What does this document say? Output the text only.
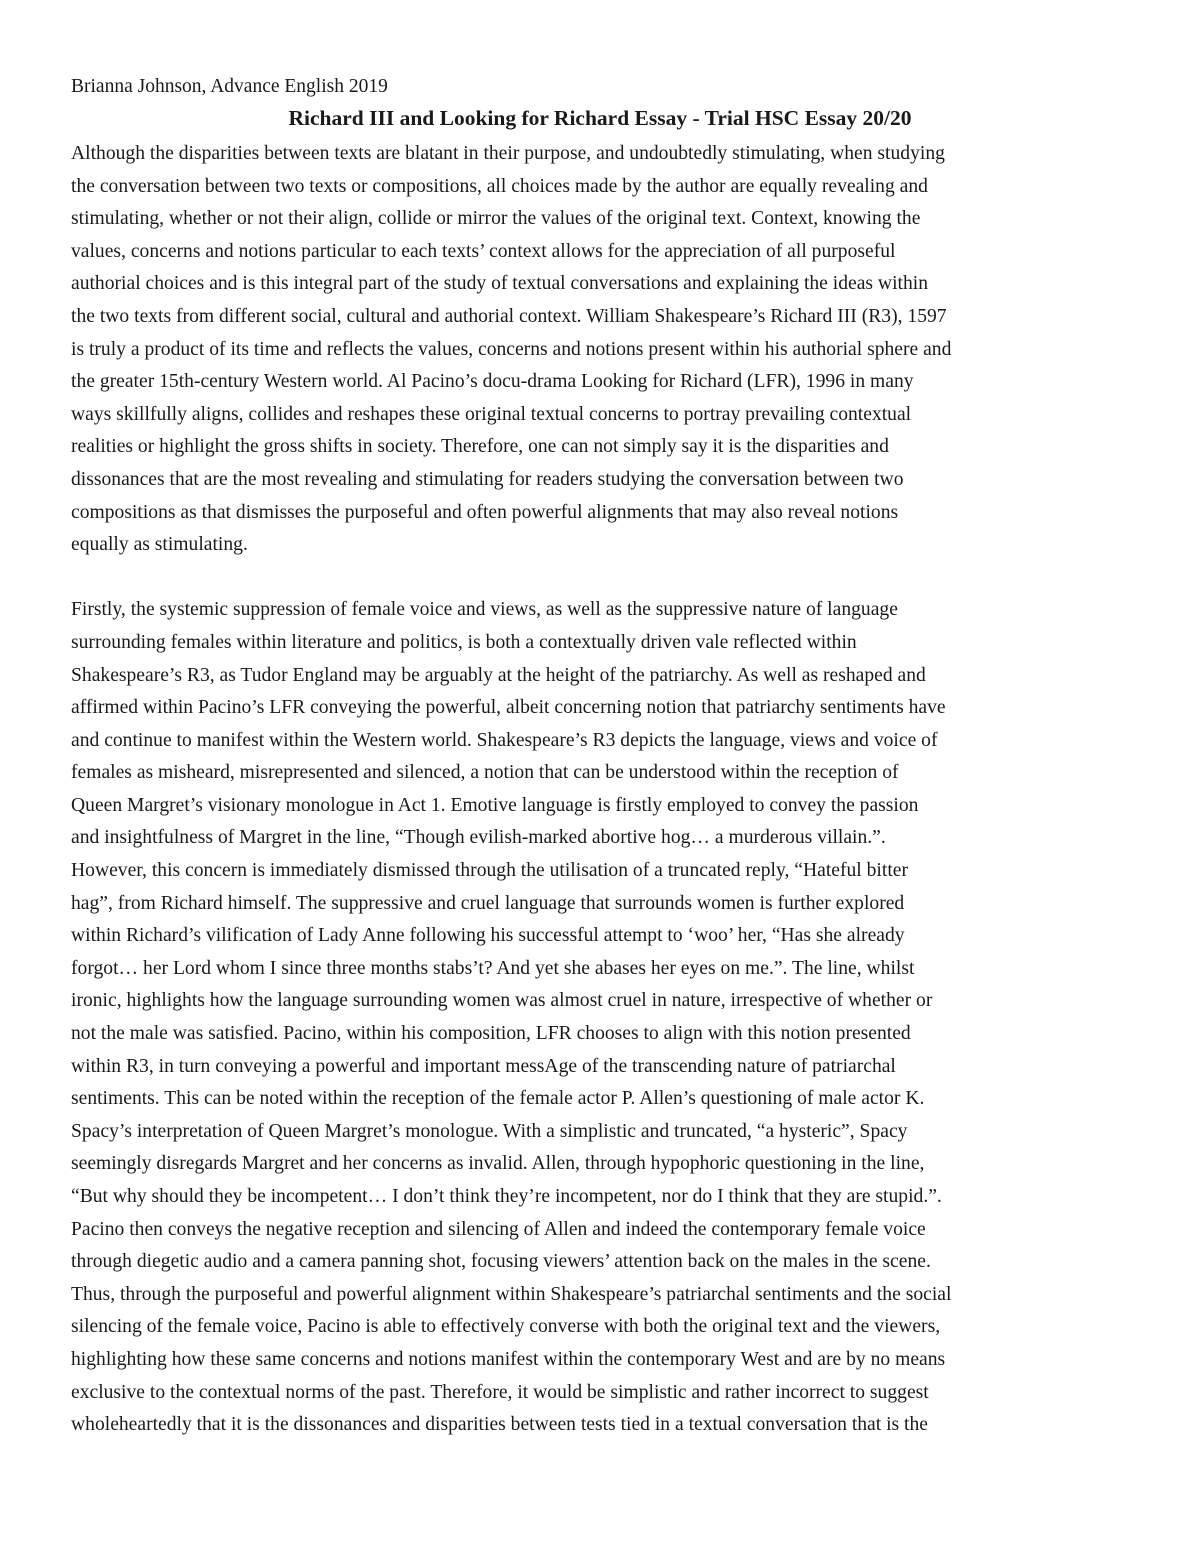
Brianna Johnson, Advance English 2019

Richard III and Looking for Richard Essay - Trial HSC Essay 20/20
Although the disparities between texts are blatant in their purpose, and undoubtedly stimulating, when studying
the conversation between two texts or compositions, all choices made by the author are equally revealing and
stimulating, whether or not their align, collide or mirror the values of the original text. Context, knowing the
values, concerns and notions particular to each texts’ context allows for the appreciation of all purposeful
authorial choices and is this integral part of the study of textual conversations and explaining the ideas within
the two texts from different social, cultural and authorial context. William Shakespeare’s Richard III (R3), 1597
is truly a product of its time and reflects the values, concerns and notions present within his authorial sphere and
the greater 15th-century Western world. Al Pacino’s docu-drama Looking for Richard (LFR), 1996 in many
ways skillfully aligns, collides and reshapes these original textual concerns to portray prevailing contextual
realities or highlight the gross shifts in society. Therefore, one can not simply say it is the disparities and
dissonances that are the most revealing and stimulating for readers studying the conversation between two
compositions as that dismisses the purposeful and often powerful alignments that may also reveal notions
equally as stimulating.
Firstly, the systemic suppression of female voice and views, as well as the suppressive nature of language
surrounding females within literature and politics, is both a contextually driven vale reflected within
Shakespeare’s R3, as Tudor England may be arguably at the height of the patriarchy. As well as reshaped and
affirmed within Pacino’s LFR conveying the powerful, albeit concerning notion that patriarchy sentiments have
and continue to manifest within the Western world. Shakespeare’s R3 depicts the language, views and voice of
females as misheard, misrepresented and silenced, a notion that can be understood within the reception of
Queen Margret’s visionary monologue in Act 1. Emotive language is firstly employed to convey the passion
and insightfulness of Margret in the line, “Though evilish-marked abortive hog… a murderous villain.”.
However, this concern is immediately dismissed through the utilisation of a truncated reply, “Hateful bitter
hag”, from Richard himself. The suppressive and cruel language that surrounds women is further explored
within Richard’s vilification of Lady Anne following his successful attempt to ‘woo’ her, “Has she already
forgot… her Lord whom I since three months stabs’t? And yet she abases her eyes on me.”. The line, whilst
ironic, highlights how the language surrounding women was almost cruel in nature, irrespective of whether or
not the male was satisfied. Pacino, within his composition, LFR chooses to align with this notion presented
within R3, in turn conveying a powerful and important messAge of the transcending nature of patriarchal
sentiments. This can be noted within the reception of the female actor P. Allen’s questioning of male actor K.
Spacy’s interpretation of Queen Margret’s monologue. With a simplistic and truncated, “a hysteric”, Spacy
seemingly disregards Margret and her concerns as invalid. Allen, through hypophoric questioning in the line,
“But why should they be incompetent… I don’t think they’re incompetent, nor do I think that they are stupid.”.
Pacino then conveys the negative reception and silencing of Allen and indeed the contemporary female voice
through diegetic audio and a camera panning shot, focusing viewers’ attention back on the males in the scene.
Thus, through the purposeful and powerful alignment within Shakespeare’s patriarchal sentiments and the social
silencing of the female voice, Pacino is able to effectively converse with both the original text and the viewers,
highlighting how these same concerns and notions manifest within the contemporary West and are by no means
exclusive to the contextual norms of the past. Therefore, it would be simplistic and rather incorrect to suggest
wholeheartedly that it is the dissonances and disparities between tests tied in a textual conversation that is the
